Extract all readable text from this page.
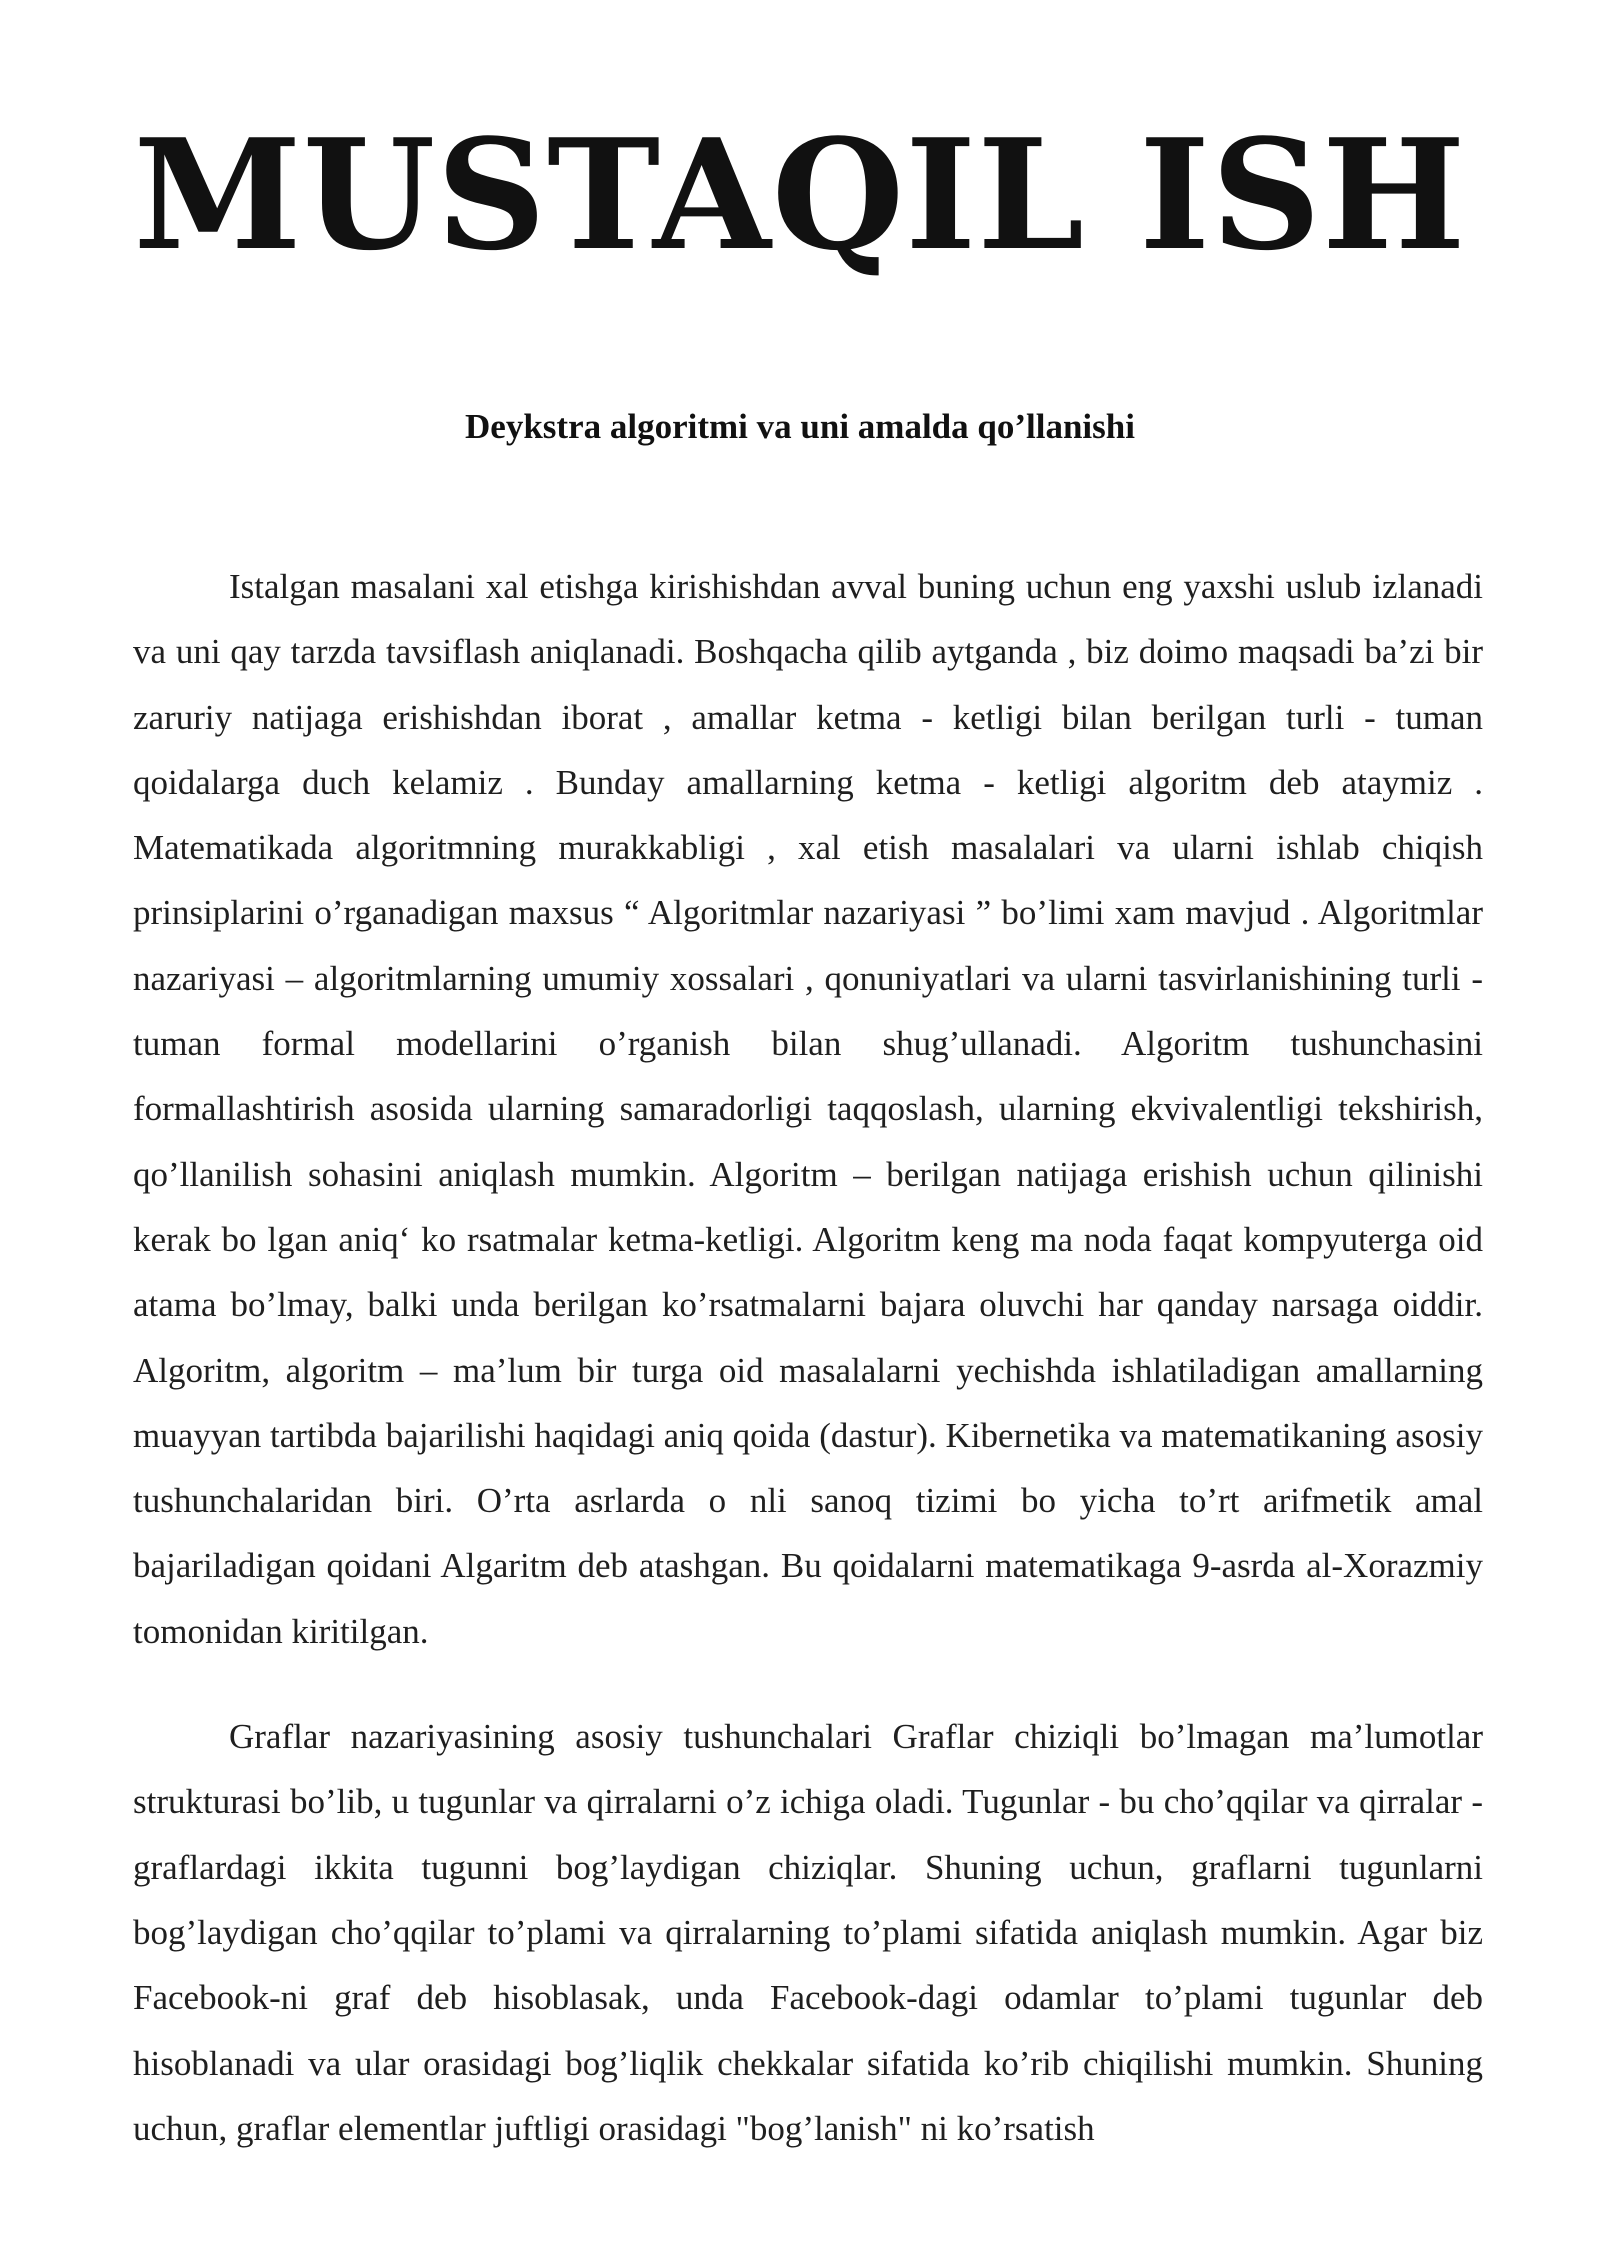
MUSTAQIL ISH
Deykstra algoritmi va uni amalda qo’llanishi

Istalgan masalani xal etishga kirishishdan avval buning uchun eng yaxshi uslub izlanadi va uni qay tarzda tavsiflash aniqlanadi. Boshqacha qilib aytganda , biz doimo maqsadi ba’zi bir zaruriy natijaga erishishdan iborat , amallar ketma - ketligi bilan berilgan turli - tuman qoidalarga duch kelamiz . Bunday amallarning ketma - ketligi algoritm deb ataymiz . Matematikada algoritmning murakkabligi , xal etish masalalari va ularni ishlab chiqish prinsiplarini o’rganadigan maxsus “ Algoritmlar nazariyasi ” bo’limi xam mavjud . Algoritmlar nazariyasi – algoritmlarning umumiy xossalari , qonuniyatlari va ularni tasvirlanishining turli - tuman formal modellarini o’rganish bilan shug’ullanadi. Algoritm tushunchasini formallashtirish asosida ularning samaradorligi taqqoslash, ularning ekvivalentligi tekshirish, qo’llanilish sohasini aniqlash mumkin. Algoritm – berilgan natijaga erishish uchun qilinishi kerak bo lgan aniq‘ ko rsatmalar ketma-ketligi. Algoritm keng ma noda faqat kompyuterga oid atama bo’lmay, balki unda berilgan ko’rsatmalarni bajara oluvchi har qanday narsaga oiddir. Algoritm, algoritm – ma’lum bir turga oid masalalarni yechishda ishlatiladigan amallarning muayyan tartibda bajarilishi haqidagi aniq qoida (dastur). Kibernetika va matematikaning asosiy tushunchalaridan biri. O’rta asrlarda o nli sanoq tizimi bo yicha to’rt arifmetik amal bajariladigan qoidani Algaritm deb atashgan. Bu qoidalarni matematikaga 9-asrda al-Xorazmiy tomonidan kiritilgan.

Graflar nazariyasining asosiy tushunchalari Graflar chiziqli bo’lmagan ma’lumotlar strukturasi bo’lib, u tugunlar va qirralarni o’z ichiga oladi. Tugunlar - bu cho’qqilar va qirralar - graflardagi ikkita tugunni bog’laydigan chiziqlar. Shuning uchun, graflarni tugunlarni bog’laydigan cho’qqilar to’plami va qirralarning to’plami sifatida aniqlash mumkin. Agar biz Facebook-ni graf deb hisoblasak, unda Facebook-dagi odamlar to’plami tugunlar deb hisoblanadi va ular orasidagi bog’liqlik chekkalar sifatida ko’rib chiqilishi mumkin. Shuning uchun, graflar elementlar juftligi orasidagi "bog’lanish" ni ko’rsatish
